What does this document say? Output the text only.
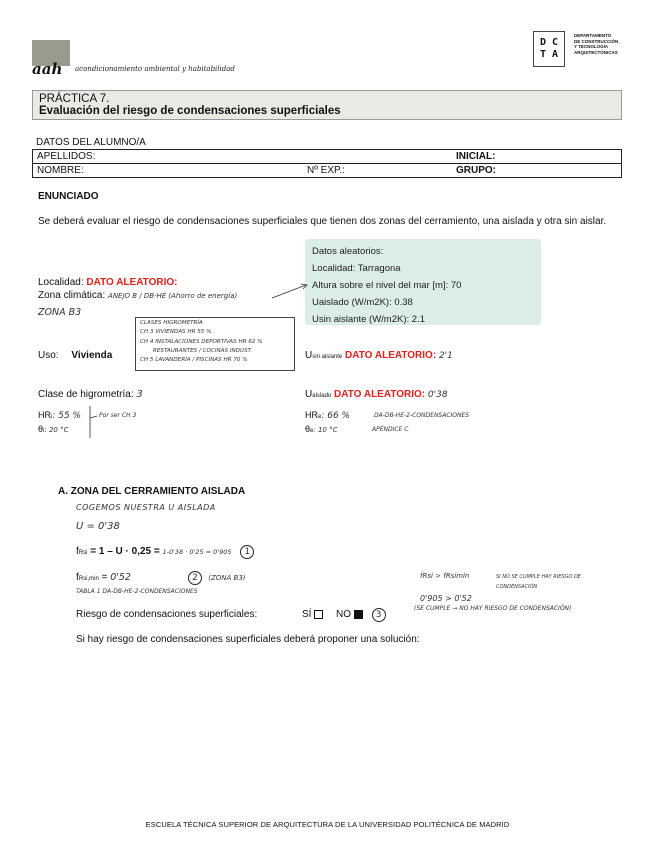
aah acondicionamiento ambiental y habitabilidad
D C
T A
DEPARTAMENTO
DE CONSTRUCCIÓN
Y TECNOLOGÍA
ARQUITECTÓNICAS
PRÁCTICA 7.
Evaluación del riesgo de condensaciones superficiales
DATOS DEL ALUMNO/A
APELLIDOS:	INICIAL:
NOMBRE:	Nº EXP.:	GRUPO:
ENUNCIADO
Se deberá evaluar el riesgo de condensaciones superficiales que tienen dos zonas del cerramiento, una aislada y otra sin aislar.
Datos aleatorios:
Localidad: Tarragona
Altura sobre el nivel del mar [m]: 70
Uaislado (W/m2K): 0.38
Usin aislante (W/m2K): 2.1
Localidad: DATO ALEATORIO:
Zona climática: ANEJO B / DB-HE (Ahorro de energía)
ZONA B3
CLASES HIGROMETRÍA
CH 3 VIVIENDAS HR 55 %
CH 4 INSTALACIONES DEPORTIVAS HR 62 %
RESTAURANTES / COCINAS INDUST.
CH 5 LAVANDERÍA / PISCINAS HR 70 %
Uso: Vivienda	Usin aislante DATO ALEATORIO: 2'1
Clase de higrometría: 3	Uaislado DATO ALEATORIO: 0'38
HRi: 55 %
θi: 20 °C
Por ser CH 3	HRe: 66 %	DA-DB-HE-2-CONDENSACIONES
θe: 10 °C	APÉNDICE C
A. ZONA DEL CERRAMIENTO AISLADA
COGEMOS NUESTRA U AISLADA
U = 0'38
fRsi = 1 – U · 0,25 = 1-0'38 · 0'25 = 0'905 1
fRsi,min = 0'52	2 (ZONA B3)
TABLA 1 DA-DB-HE-2-CONDENSACIONES
fRsi > fRsimin	SI NO SE CUMPLE HAY RIESGO DE CONDENSACIÓN
0'905 > 0'52
Riesgo de condensaciones superficiales:	SÍ NO	3
(SE CUMPLE → NO HAY RIESGO DE CONDENSACIÓN)
Si hay riesgo de condensaciones superficiales deberá proponer una solución:
ESCUELA TÉCNICA SUPERIOR DE ARQUITECTURA DE LA UNIVERSIDAD POLITÉCNICA DE MADRID
